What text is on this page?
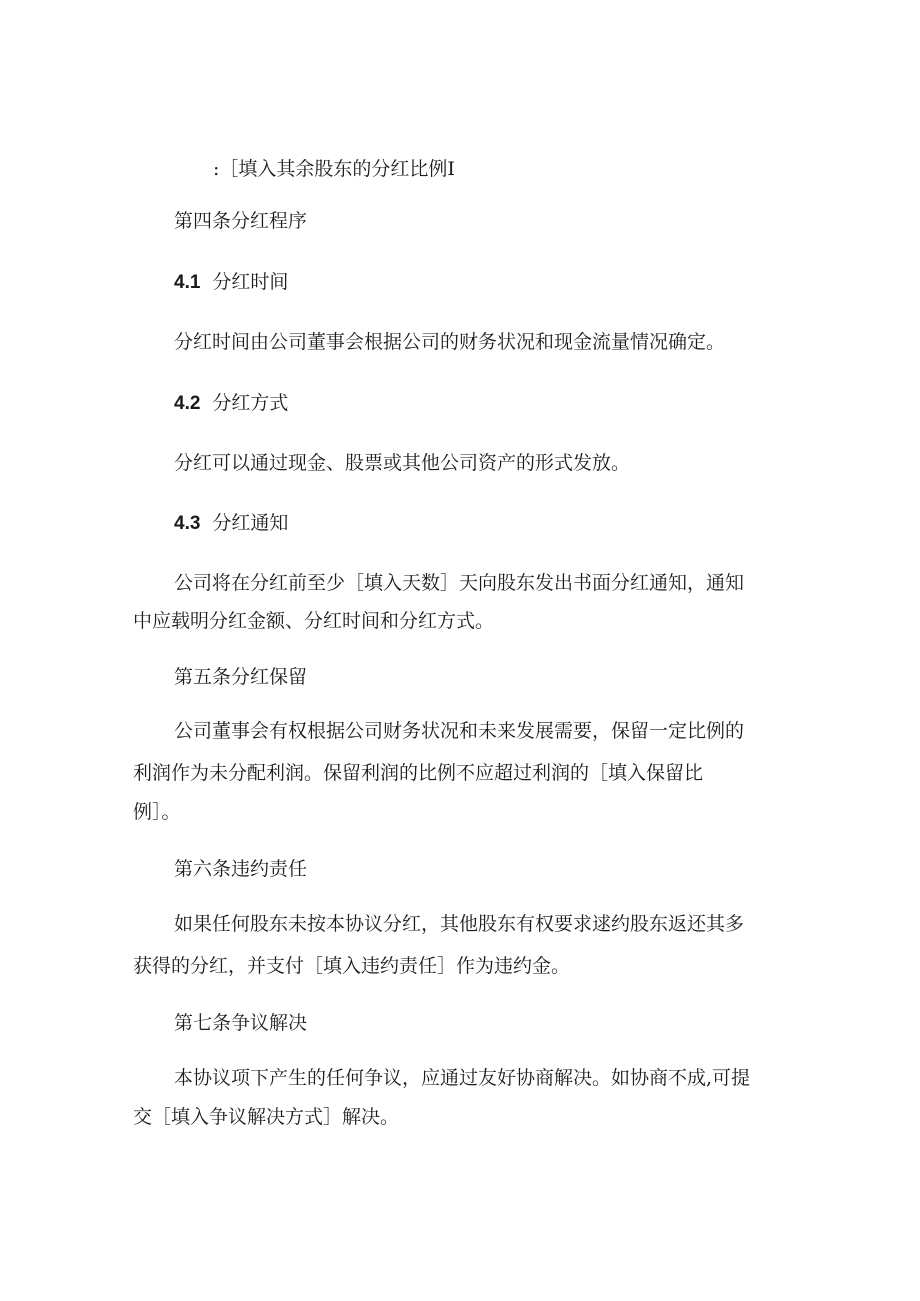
:［填入其余股东的分红比例I
第四条分红程序
4.1 分红时间
分红时间由公司董事会根据公司的财务状况和现金流量情况确定。
4.2 分红方式
分红可以通过现金、股票或其他公司资产的形式发放。
4.3 分红通知
公司将在分红前至少［填入天数］天向股东发出书面分红通知，通知
中应载明分红金额、分红时间和分红方式。
第五条分红保留
公司董事会有权根据公司财务状况和未来发展需要，保留一定比例的
利润作为未分配利润。保留利润的比例不应超过利润的［填入保留比
例］。
第六条违约责任
如果任何股东未按本协议分红，其他股东有权要求逑约股东返还其多
获得的分红，并支付［填入违约责任］作为违约金。
第七条争议解决
本协议项下产生的任何争议，应通过友好协商解决。如协商不成,可提
交［填入争议解决方式］解决。
